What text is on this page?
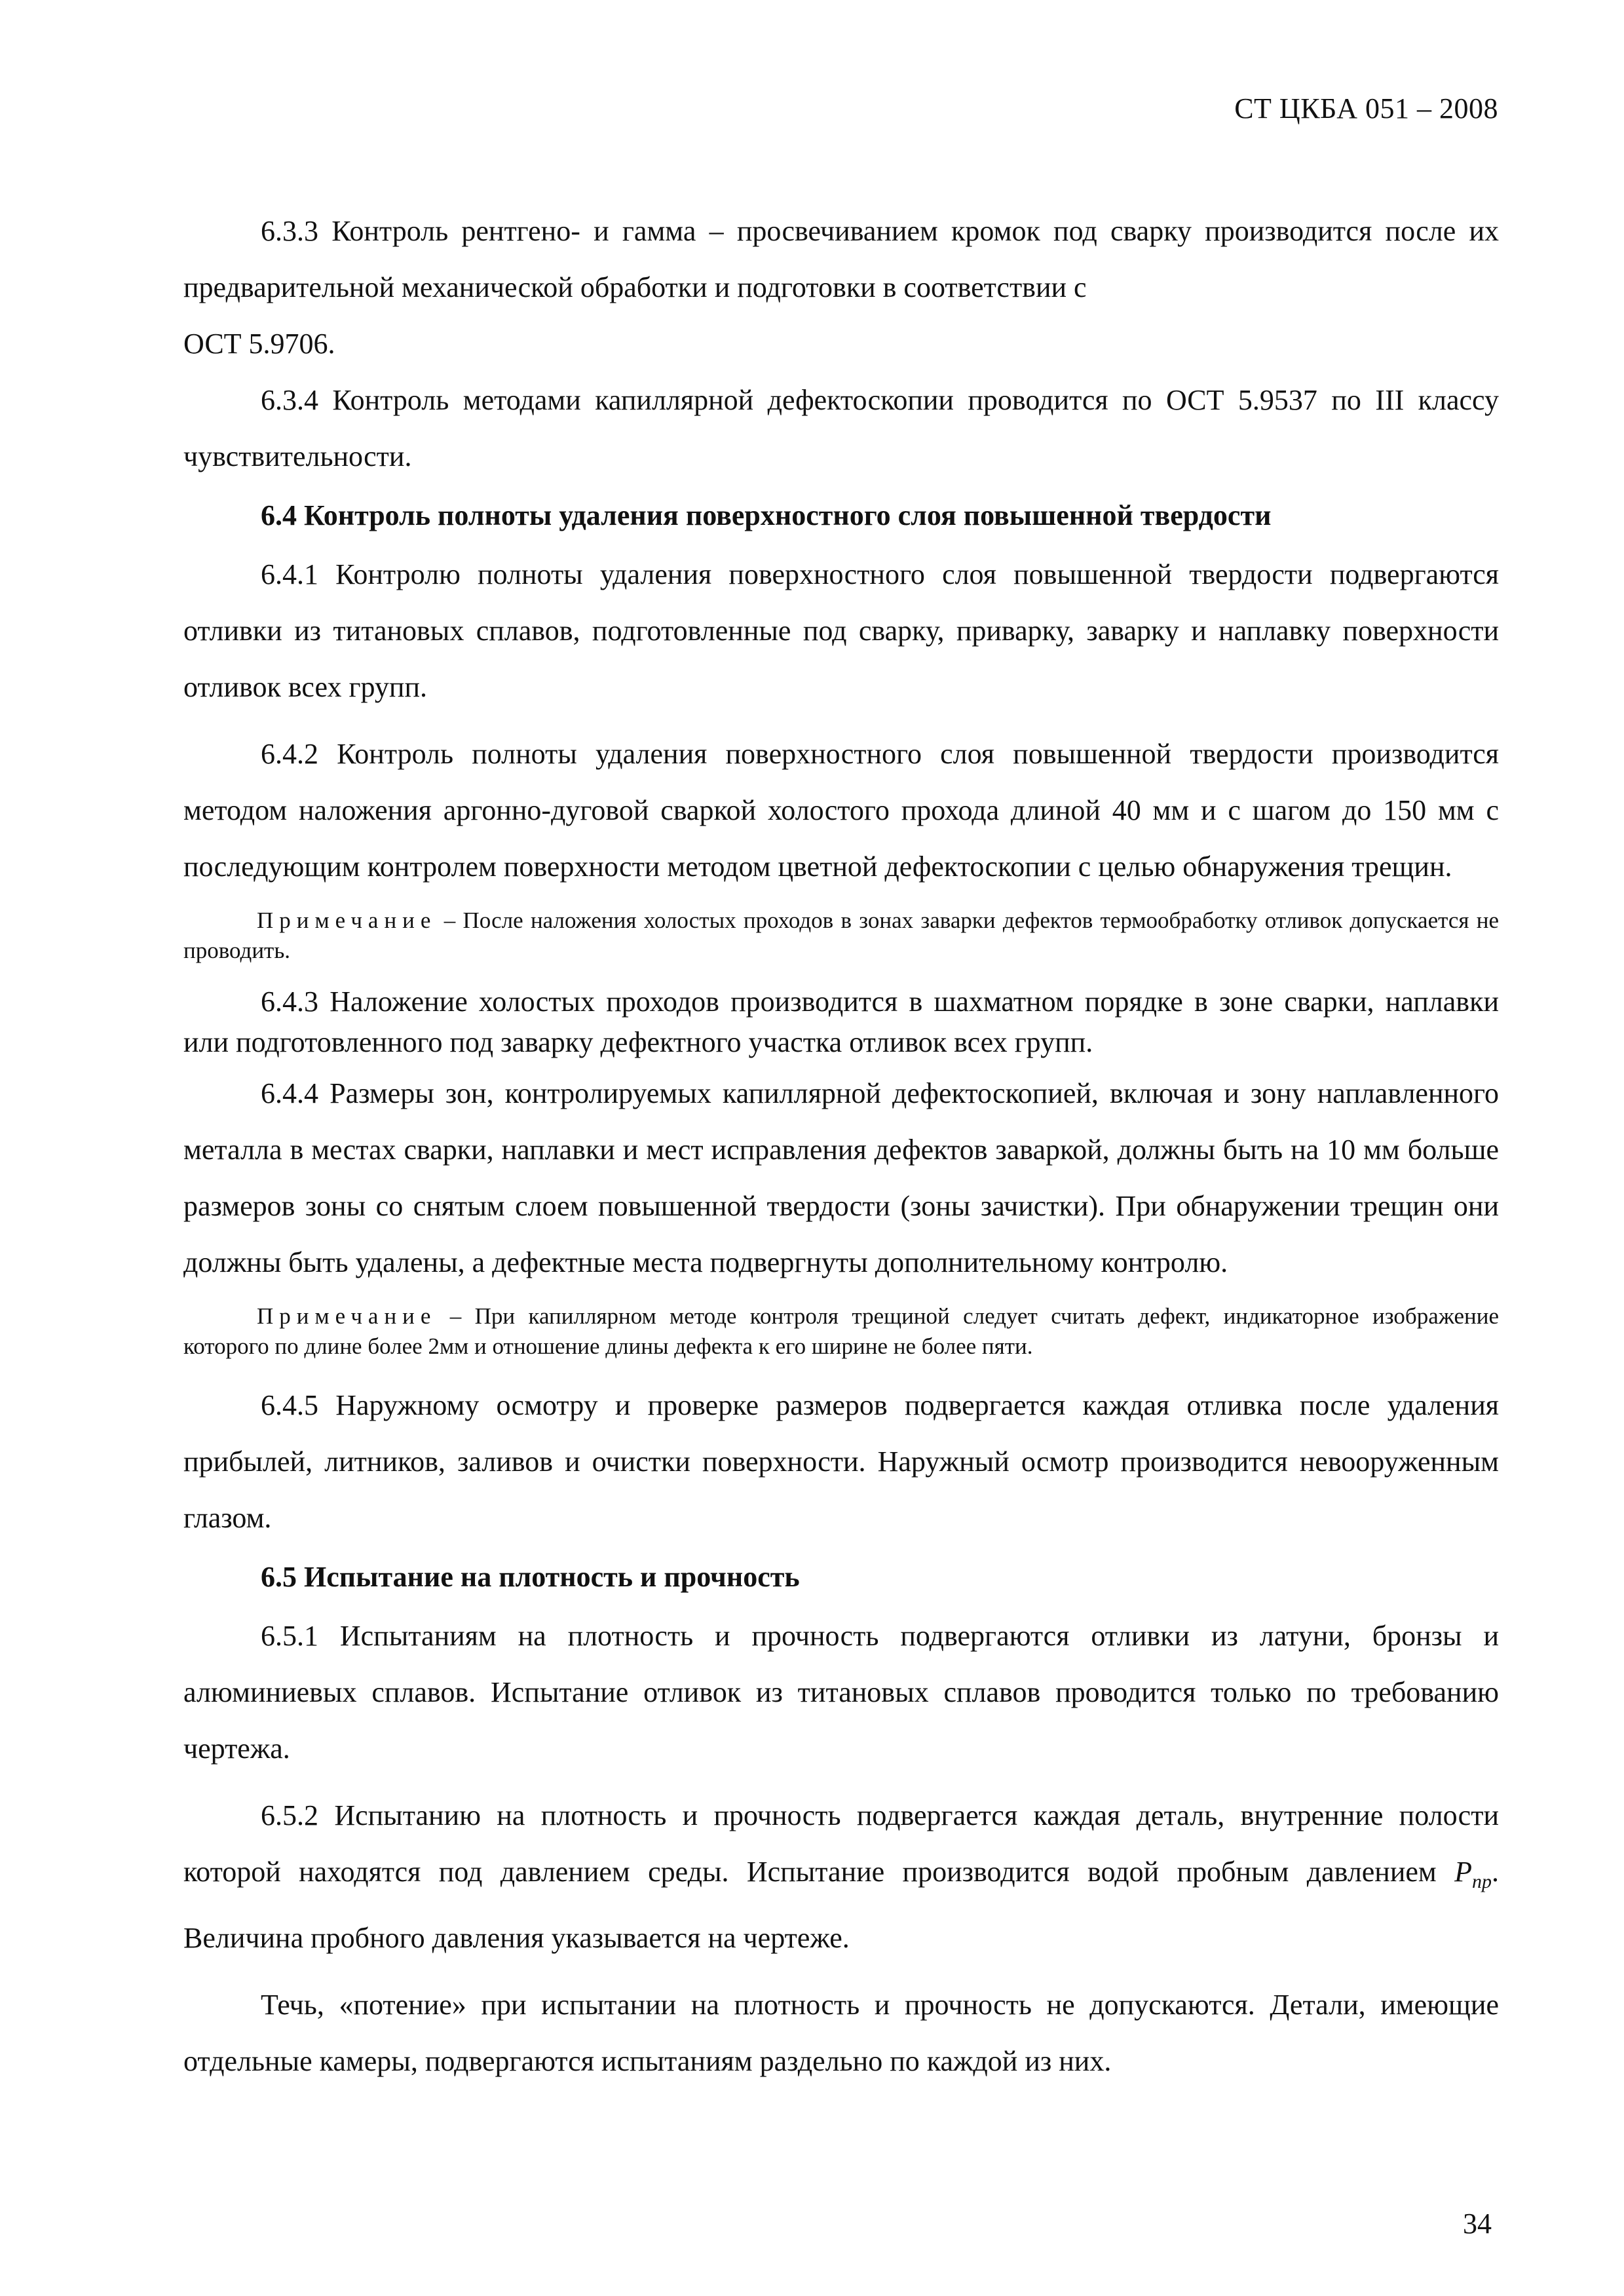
СТ ЦКБА 051 – 2008

6.3.3 Контроль рентгено- и гамма – просвечиванием кромок под сварку производится после их предварительной механической обработки и подготовки в соответствии с

ОСТ 5.9706.

6.3.4 Контроль методами капиллярной дефектоскопии проводится по ОСТ 5.9537 по III классу чувствительности.

6.4 Контроль полноты удаления поверхностного слоя повышенной твердости

6.4.1 Контролю полноты удаления поверхностного слоя повышенной твердости подвергаются отливки из титановых сплавов, подготовленные под сварку, приварку, заварку и наплавку поверхности отливок всех групп.

6.4.2 Контроль полноты удаления поверхностного слоя повышенной твердости производится методом наложения аргонно-дуговой сваркой холостого прохода длиной 40 мм и с шагом до 150 мм с последующим контролем поверхности методом цветной дефектоскопии с целью обнаружения трещин.

Примечание – После наложения холостых проходов в зонах заварки дефектов термообработку отливок допускается не проводить.

6.4.3 Наложение холостых проходов производится в шахматном порядке в зоне сварки, наплавки или подготовленного под заварку дефектного участка отливок всех групп.

6.4.4 Размеры зон, контролируемых капиллярной дефектоскопией, включая и зону наплавленного металла в местах сварки, наплавки и мест исправления дефектов заваркой, должны быть на 10 мм больше размеров зоны со снятым слоем повышенной твердости (зоны зачистки). При обнаружении трещин они должны быть удалены, а дефектные места подвергнуты дополнительному контролю.

Примечание – При капиллярном методе контроля трещиной следует считать дефект, индикаторное изображение которого по длине более 2мм и отношение длины дефекта к его ширине не более пяти.

6.4.5 Наружному осмотру и проверке размеров подвергается каждая отливка после удаления прибылей, литников, заливов и очистки поверхности. Наружный осмотр производится невооруженным глазом.

6.5 Испытание на плотность и прочность

6.5.1 Испытаниям на плотность и прочность подвергаются отливки из латуни, бронзы и алюминиевых сплавов. Испытание отливок из титановых сплавов проводится только по требованию чертежа.

6.5.2 Испытанию на плотность и прочность подвергается каждая деталь, внутренние полости которой находятся под давлением среды. Испытание производится водой пробным давлением $P_{пр}$. Величина пробного давления указывается на чертеже.

Течь, «потение» при испытании на плотность и прочность не допускаются. Детали, имеющие отдельные камеры, подвергаются испытаниям раздельно по каждой из них.

34
